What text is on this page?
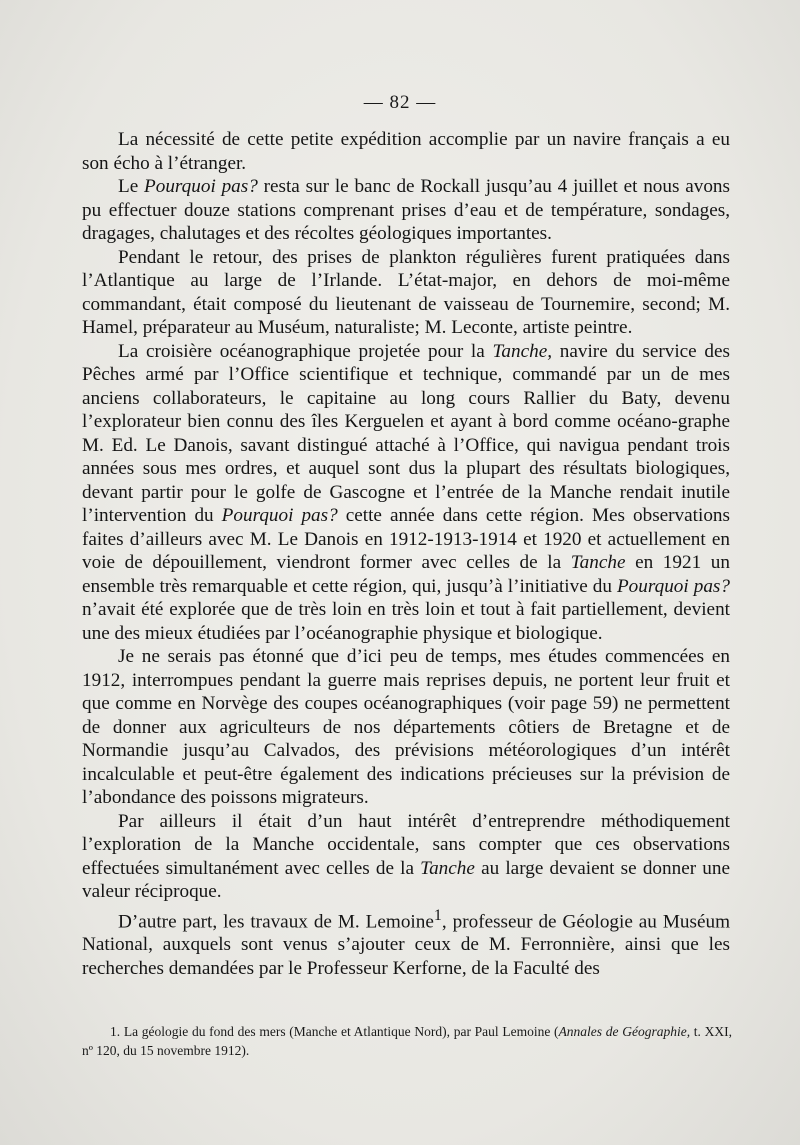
— 82 —

La nécessité de cette petite expédition accomplie par un navire français a eu son écho à l’étranger.

Le Pourquoi pas? resta sur le banc de Rockall jusqu’au 4 juillet et nous avons pu effectuer douze stations comprenant prises d’eau et de température, sondages, dragages, chalutages et des récoltes géologiques importantes.

Pendant le retour, des prises de plankton régulières furent pratiquées dans l’Atlantique au large de l’Irlande. L’état-major, en dehors de moi-même commandant, était composé du lieutenant de vaisseau de Tournemire, second; M. Hamel, préparateur au Muséum, naturaliste; M. Leconte, artiste peintre.

La croisière océanographique projetée pour la Tanche, navire du service des Pêches armé par l’Office scientifique et technique, commandé par un de mes anciens collaborateurs, le capitaine au long cours Rallier du Baty, devenu l’explorateur bien connu des îles Kerguelen et ayant à bord comme océano-graphe M. Ed. Le Danois, savant distingué attaché à l’Office, qui navigua pendant trois années sous mes ordres, et auquel sont dus la plupart des résultats biologiques, devant partir pour le golfe de Gascogne et l’entrée de la Manche rendait inutile l’intervention du Pourquoi pas? cette année dans cette région. Mes observations faites d’ailleurs avec M. Le Danois en 1912-1913-1914 et 1920 et actuellement en voie de dépouillement, viendront former avec celles de la Tanche en 1921 un ensemble très remarquable et cette région, qui, jusqu’à l’initiative du Pourquoi pas? n’avait été explorée que de très loin en très loin et tout à fait partiellement, devient une des mieux étudiées par l’océanographie physique et biologique.

Je ne serais pas étonné que d’ici peu de temps, mes études commencées en 1912, interrompues pendant la guerre mais reprises depuis, ne portent leur fruit et que comme en Norvège des coupes océanographiques (voir page 59) ne permettent de donner aux agriculteurs de nos départements côtiers de Bretagne et de Normandie jusqu’au Calvados, des prévisions météorologiques d’un intérêt incalculable et peut-être également des indications précieuses sur la prévision de l’abondance des poissons migrateurs.

Par ailleurs il était d’un haut intérêt d’entreprendre méthodiquement l’exploration de la Manche occidentale, sans compter que ces observations effectuées simultanément avec celles de la Tanche au large devaient se donner une valeur réciproque.

D’autre part, les travaux de M. Lemoine$^1$, professeur de Géologie au Muséum National, auxquels sont venus s’ajouter ceux de M. Ferronnière, ainsi que les recherches demandées par le Professeur Kerforne, de la Faculté des

1. La géologie du fond des mers (Manche et Atlantique Nord), par Paul Lemoine (Annales de Géographie, t. XXI, nº 120, du 15 novembre 1912).
